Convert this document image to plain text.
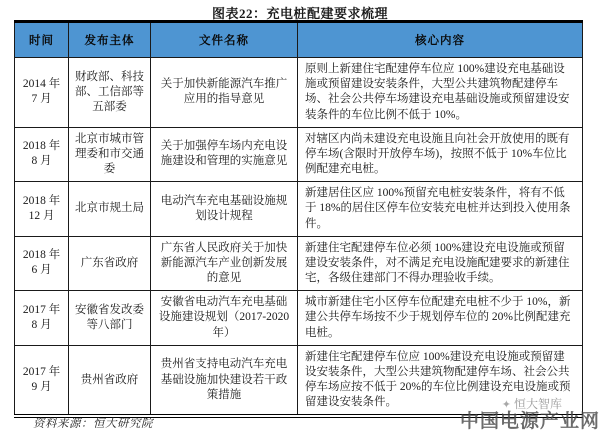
图表22：充电桩配建要求梳理
时间	发布主体	文件名称	核心内容
2014 年 7 月	财政部、科技部、工信部等五部委	关于加快新能源汽车推广应用的指导意见	原则上新建住宅配建停车位应 100%建设充电基础设施或预留建设安装条件，大型公共建筑物配建停车场、社会公共停车场建设充电基础设施或预留建设安装条件的车位比例不低于 10%。
2018 年 8 月	北京市城市管理委和市交通委	关于加强停车场内充电设施建设和管理的实施意见	对辖区内尚未建设充电设施且向社会开放使用的既有停车场(含限时开放停车场)，按照不低于 10%车位比例配建充电桩。
2018 年 12 月	北京市规土局	电动汽车充电基础设施规划设计规程	新建居住区应 100%预留充电桩安装条件，将有不低于 18%的居住区停车位安装充电桩并达到投入使用条件。
2018 年 6 月	广东省政府	广东省人民政府关于加快新能源汽车产业创新发展的意见	新建住宅配建停车位必须 100%建设充电设施或预留建设安装条件，对不满足充电设施配建要求的新建住宅，各级住建部门不得办理验收手续。
2017 年 8 月	安徽省发改委等八部门	安徽省电动汽车充电基础设施建设规划（2017-2020 年）	城市新建住宅小区停车位配建充电桩不少于 10%，新建公共停车场按不少于规划停车位的 20%比例配建充电桩。
2017 年 9 月	贵州省政府	贵州省支持电动汽车充电基础设施加快建设若干政策措施	新建住宅配建停车位应 100%建设充电设施或预留建设安装条件，大型公共建筑物配建停车场、社会公共停车场应按不低于 20%的车位比例建设充电设施或预留建设安装条件。
资料来源：恒大研究院
✦ 恒大智库
中国电源产业网
